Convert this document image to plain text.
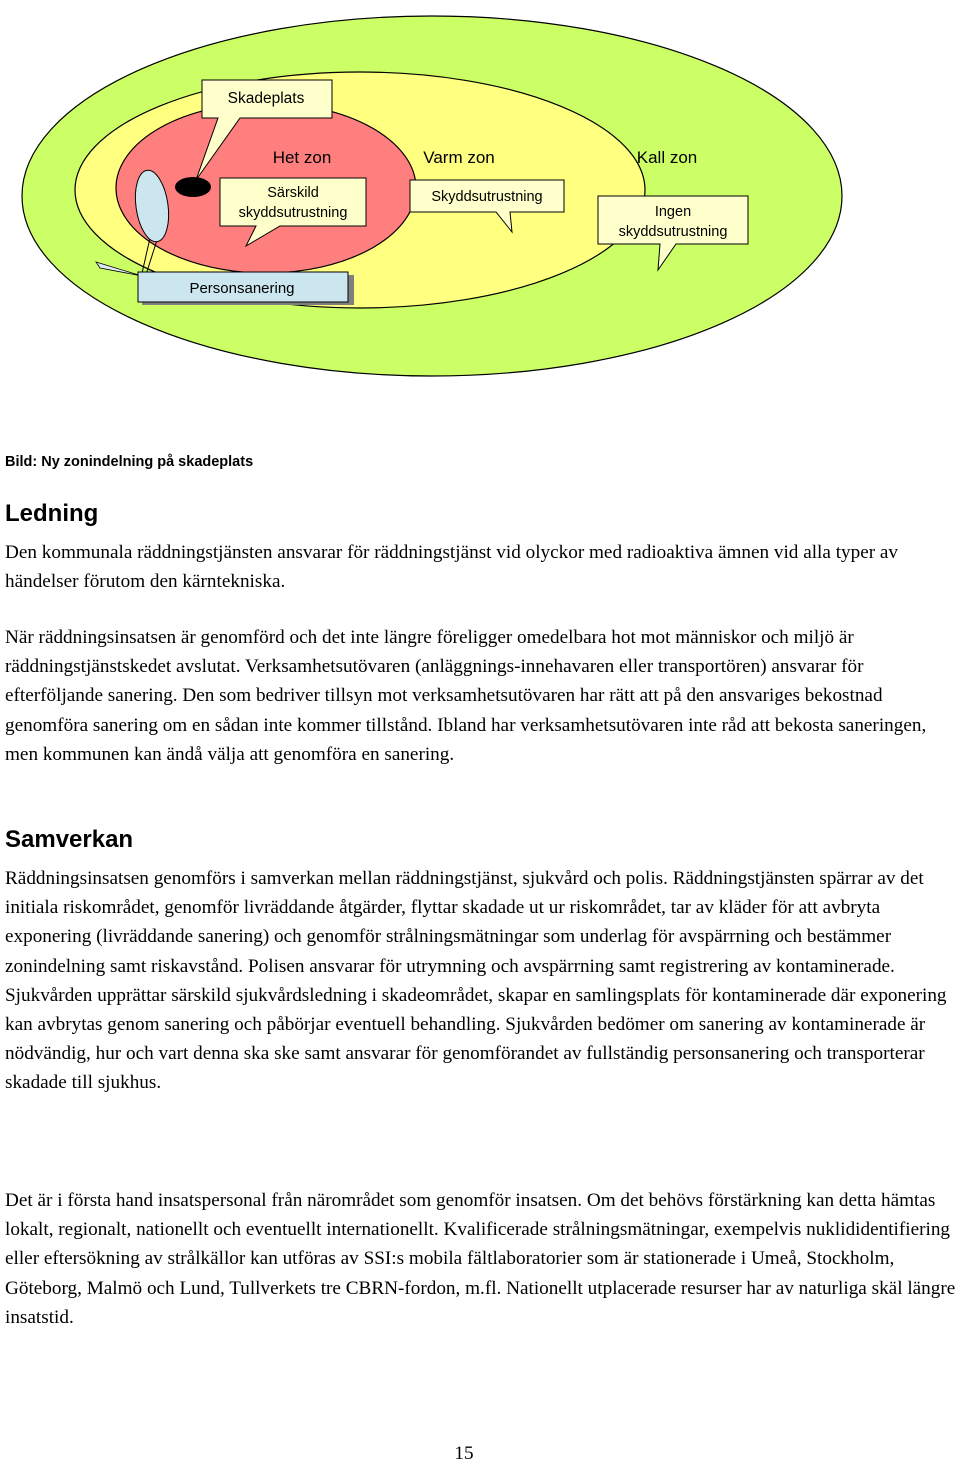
Skadeplats
Het zon	Varm zon	Kall zon
Särskild
skyddsutrustning
Skyddsutrustning
Ingen
skyddsutrustning
Personsanering
Bild: Ny zonindelning på skadeplats
Ledning

Den kommunala räddningstjänsten ansvarar för räddningstjänst vid olyckor med radioaktiva ämnen vid alla typer av händelser förutom den kärntekniska.

När räddningsinsatsen är genomförd och det inte längre föreligger omedelbara hot mot människor och miljö är räddningstjänstskedet avslutat. Verksamhetsutövaren (anläggnings-innehavaren eller transportören) ansvarar för efterföljande sanering. Den som bedriver tillsyn mot verksamhetsutövaren har rätt att på den ansvariges bekostnad genomföra sanering om en sådan inte kommer tillstånd. Ibland har verksamhetsutövaren inte råd att bekosta saneringen, men kommunen kan ändå välja att genomföra en sanering.

Samverkan

Räddningsinsatsen genomförs i samverkan mellan räddningstjänst, sjukvård och polis. Räddningstjänsten spärrar av det initiala riskområdet, genomför livräddande åtgärder, flyttar skadade ut ur riskområdet, tar av kläder för att avbryta exponering (livräddande sanering) och genomför strålningsmätningar som underlag för avspärrning och bestämmer zonindelning samt riskavstånd. Polisen ansvarar för utrymning och avspärrning samt registrering av kontaminerade. Sjukvården upprättar särskild sjukvårdsledning i skadeområdet, skapar en samlingsplats för kontaminerade där exponering kan avbrytas genom sanering och påbörjar eventuell behandling. Sjukvården bedömer om sanering av kontaminerade är nödvändig, hur och vart denna ska ske samt ansvarar för genomförandet av fullständig personsanering och transporterar skadade till sjukhus.

Det är i första hand insatspersonal från närområdet som genomför insatsen. Om det behövs förstärkning kan detta hämtas lokalt, regionalt, nationellt och eventuellt internationellt. Kvalificerade strålningsmätningar, exempelvis nuklididentifiering eller eftersökning av strålkällor kan utföras av SSI:s mobila fältlaboratorier som är stationerade i Umeå, Stockholm, Göteborg, Malmö och Lund, Tullverkets tre CBRN-fordon, m.fl. Nationellt utplacerade resurser har av naturliga skäl längre insatstid.

15
